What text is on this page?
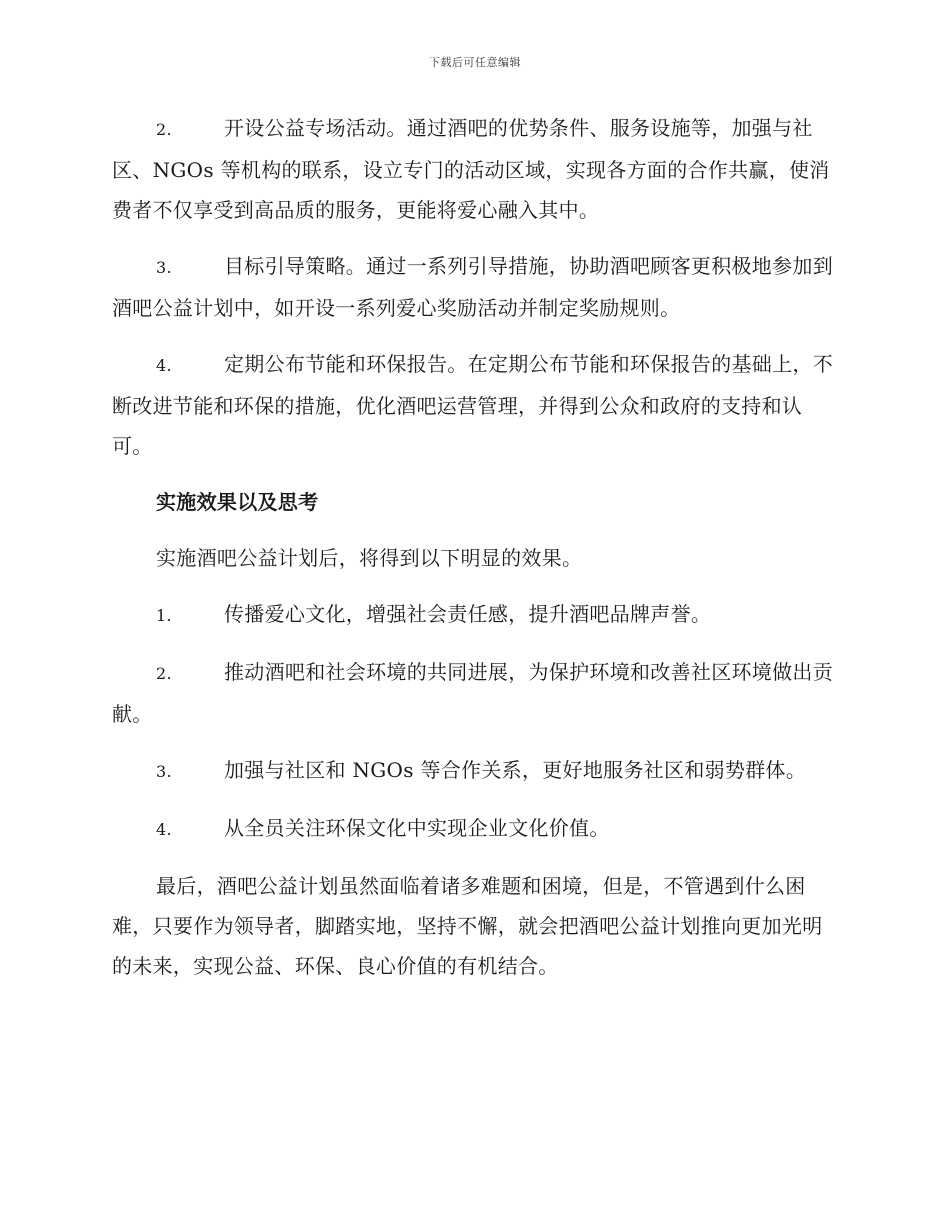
下载后可任意编辑

2.	开设公益专场活动。通过酒吧的优势条件、服务设施等，加强与社区、NGOs 等机构的联系，设立专门的活动区域，实现各方面的合作共赢，使消费者不仅享受到高品质的服务，更能将爱心融入其中。

3.	目标引导策略。通过一系列引导措施，协助酒吧顾客更积极地参加到酒吧公益计划中，如开设一系列爱心奖励活动并制定奖励规则。

4.	定期公布节能和环保报告。在定期公布节能和环保报告的基础上，不断改进节能和环保的措施，优化酒吧运营管理，并得到公众和政府的支持和认可。

实施效果以及思考

实施酒吧公益计划后，将得到以下明显的效果。

1.	传播爱心文化，增强社会责任感，提升酒吧品牌声誉。

2.	推动酒吧和社会环境的共同进展，为保护环境和改善社区环境做出贡献。

3.	加强与社区和 NGOs 等合作关系，更好地服务社区和弱势群体。

4.	从全员关注环保文化中实现企业文化价值。

最后，酒吧公益计划虽然面临着诸多难题和困境，但是，不管遇到什么困难，只要作为领导者，脚踏实地，坚持不懈，就会把酒吧公益计划推向更加光明的未来，实现公益、环保、良心价值的有机结合。
